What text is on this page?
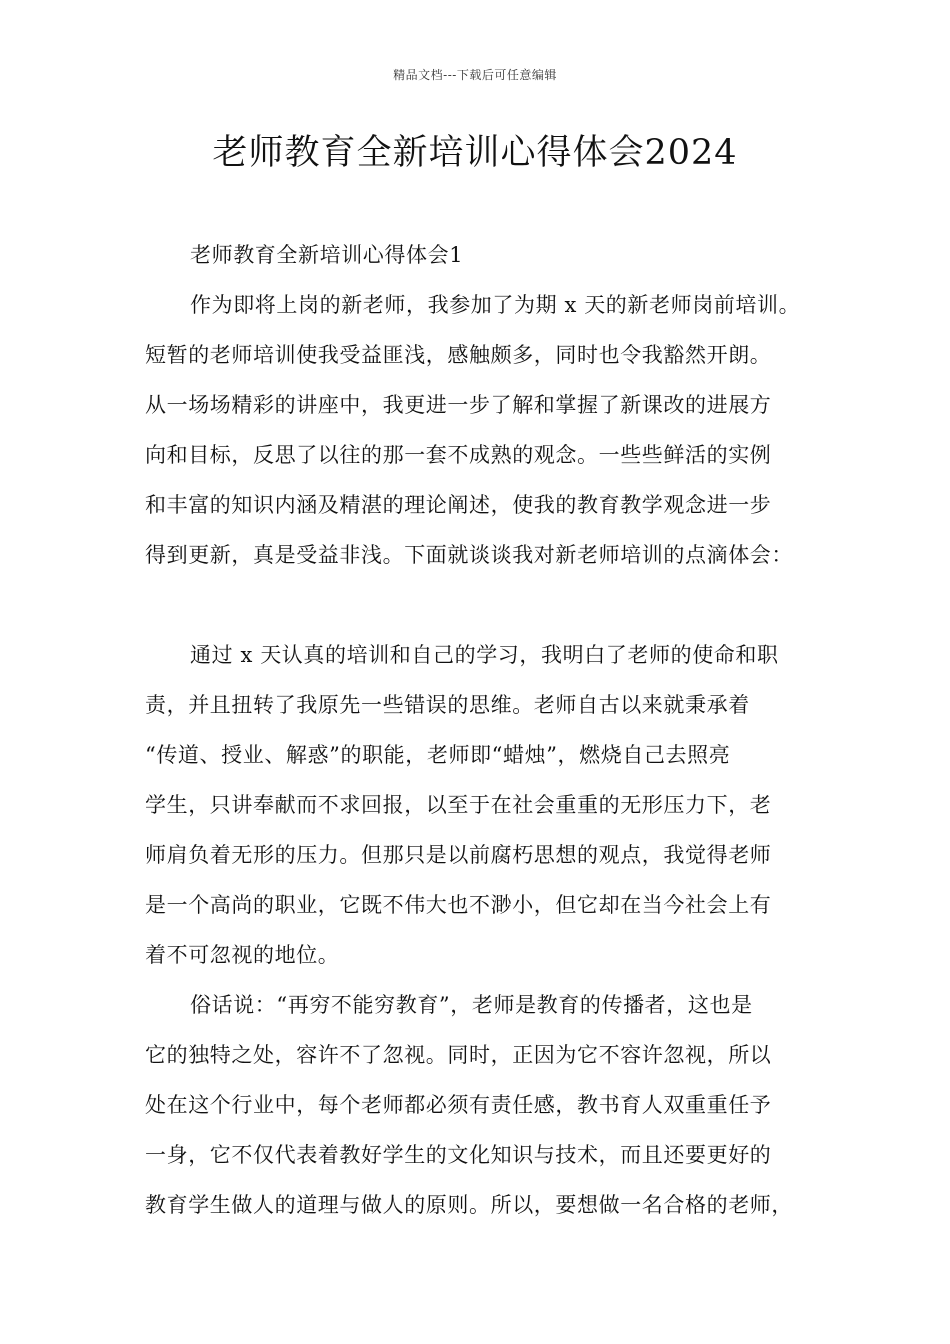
精品文档---下载后可任意编辑
老师教育全新培训心得体会2024
老师教育全新培训心得体会1
作为即将上岗的新老师，我参加了为期 x 天的新老师岗前培训。
短暂的老师培训使我受益匪浅，感触颇多，同时也令我豁然开朗。
从一场场精彩的讲座中，我更进一步了解和掌握了新课改的进展方
向和目标，反思了以往的那一套不成熟的观念。一些些鲜活的实例
和丰富的知识内涵及精湛的理论阐述，使我的教育教学观念进一步
得到更新，真是受益非浅。下面就谈谈我对新老师培训的点滴体会：
通过 x 天认真的培训和自己的学习，我明白了老师的使命和职
责，并且扭转了我原先一些错误的思维。老师自古以来就秉承着
“传道、授业、解惑”的职能，老师即“蜡烛”，燃烧自己去照亮
学生，只讲奉献而不求回报，以至于在社会重重的无形压力下，老
师肩负着无形的压力。但那只是以前腐朽思想的观点，我觉得老师
是一个高尚的职业，它既不伟大也不渺小，但它却在当今社会上有
着不可忽视的地位。
俗话说：“再穷不能穷教育”，老师是教育的传播者，这也是
它的独特之处，容许不了忽视。同时，正因为它不容许忽视，所以
处在这个行业中，每个老师都必须有责任感，教书育人双重重任予
一身，它不仅代表着教好学生的文化知识与技术，而且还要更好的
教育学生做人的道理与做人的原则。所以，要想做一名合格的老师，
